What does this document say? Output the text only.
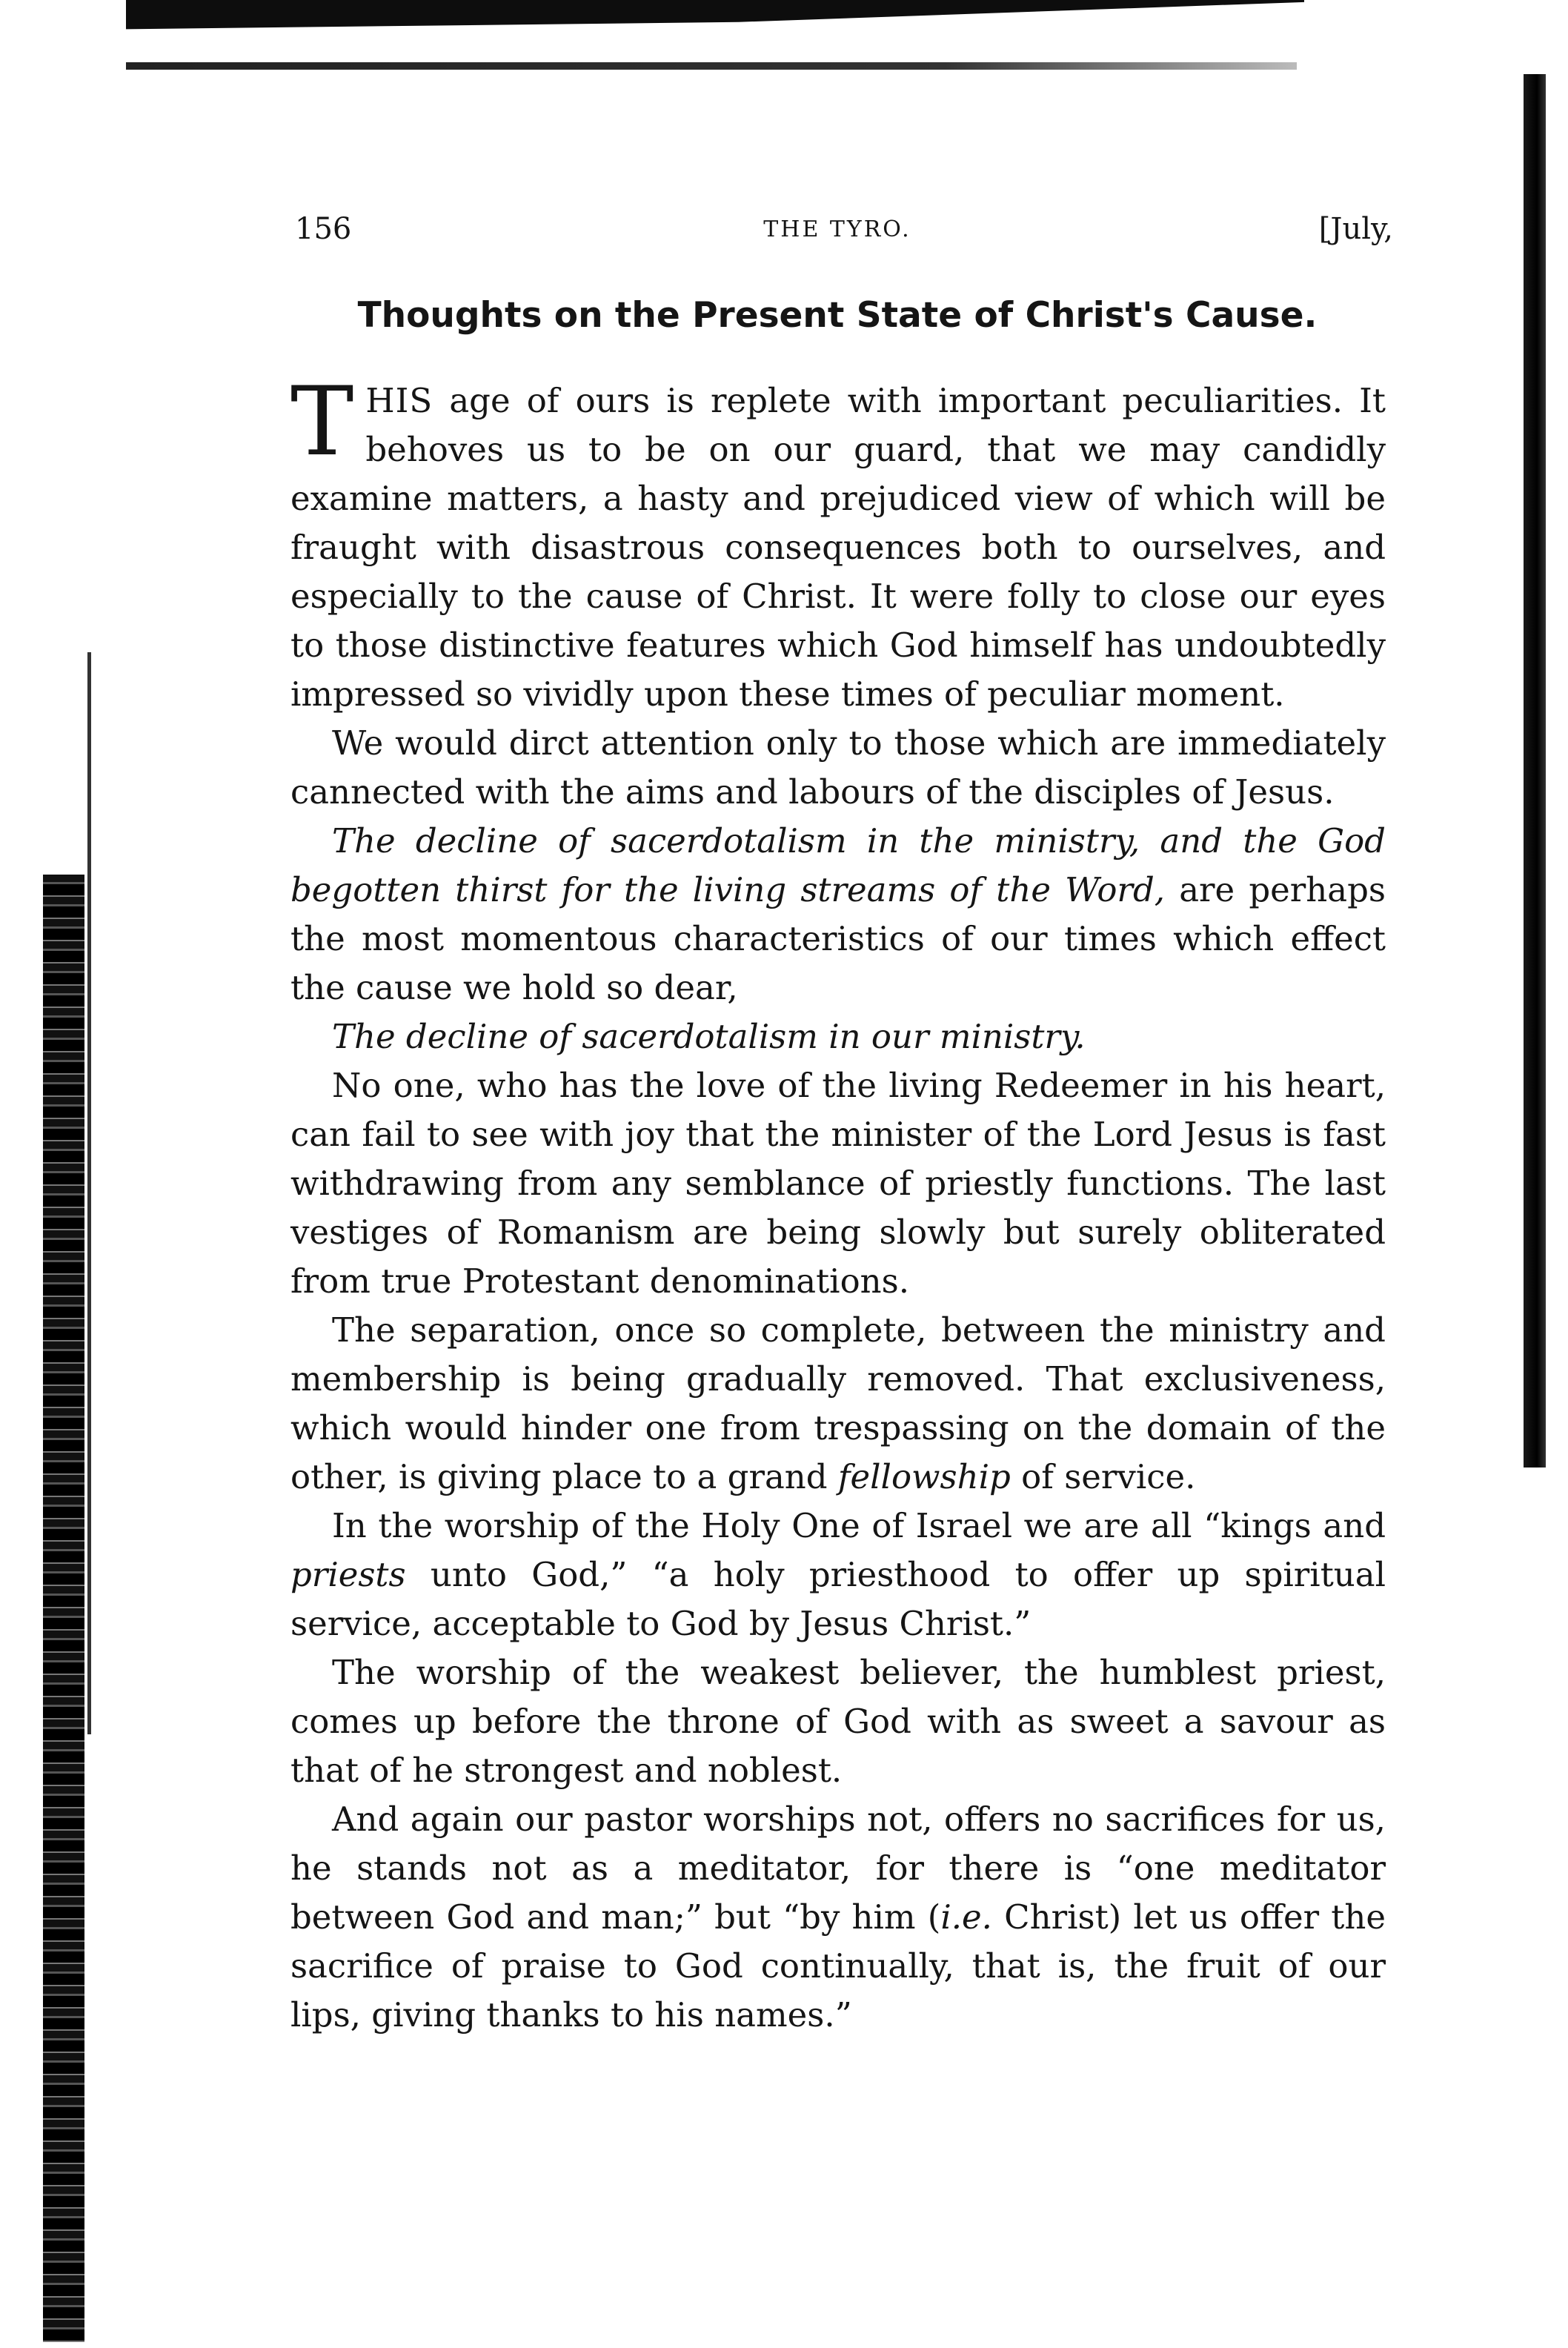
156	THE TYRO.	[July,
Thoughts on the Present State of Christ's Cause.

THIS age of ours is replete with important peculiarities. It behoves us to be on our guard, that we may candidly examine matters, a hasty and prejudiced view of which will be fraught with disastrous consequences both to ourselves, and especially to the cause of Christ. It were folly to close our eyes to those distinctive features which God himself has undoubtedly impressed so vividly upon these times of peculiar moment.

We would dirct attention only to those which are immediately cannected with the aims and labours of the disciples of Jesus.

The decline of sacerdotalism in the ministry, and the God begotten thirst for the living streams of the Word, are perhaps the most momentous characteristics of our times which effect the cause we hold so dear,

The decline of sacerdotalism in our ministry.

No one, who has the love of the living Redeemer in his heart, can fail to see with joy that the minister of the Lord Jesus is fast withdrawing from any semblance of priestly functions. The last vestiges of Romanism are being slowly but surely obliterated from true Protestant denominations.

The separation, once so complete, between the ministry and membership is being gradually removed. That exclusiveness, which would hinder one from trespassing on the domain of the other, is giving place to a grand fellowship of service.

In the worship of the Holy One of Israel we are all “kings and priests unto God,” “a holy priesthood to offer up spiritual service, acceptable to God by Jesus Christ.”

The worship of the weakest believer, the humblest priest, comes up before the throne of God with as sweet a savour as that of he strongest and noblest.

And again our pastor worships not, offers no sacrifices for us, he stands not as a meditator, for there is “one meditator between God and man;” but “by him (i.e. Christ) let us offer the sacrifice of praise to God continually, that is, the fruit of our lips, giving thanks to his names.”
